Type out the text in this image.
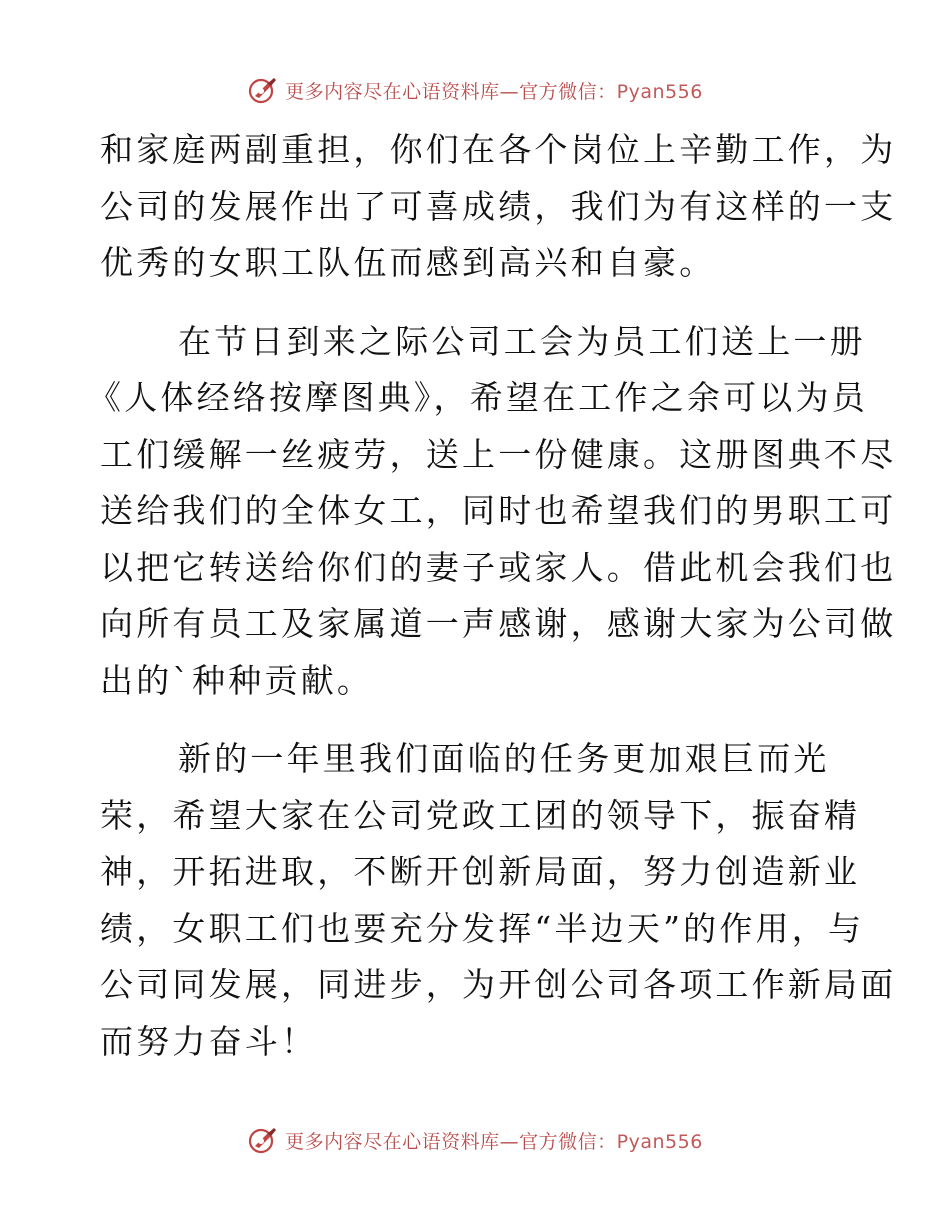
更多内容尽在心语资料库—官方微信：Pyan556
和家庭两副重担，你们在各个岗位上辛勤工作，为
公司的发展作出了可喜成绩，我们为有这样的一支
优秀的女职工队伍而感到高兴和自豪。
在节日到来之际公司工会为员工们送上一册
《人体经络按摩图典》，希望在工作之余可以为员
工们缓解一丝疲劳，送上一份健康。这册图典不尽
送给我们的全体女工，同时也希望我们的男职工可
以把它转送给你们的妻子或家人。借此机会我们也
向所有员工及家属道一声感谢，感谢大家为公司做
出的`种种贡献。
新的一年里我们面临的任务更加艰巨而光
荣，希望大家在公司党政工团的领导下，振奋精
神，开拓进取，不断开创新局面，努力创造新业
绩，女职工们也要充分发挥“半边天”的作用，与
公司同发展，同进步，为开创公司各项工作新局面
而努力奋斗！
更多内容尽在心语资料库—官方微信：Pyan556
